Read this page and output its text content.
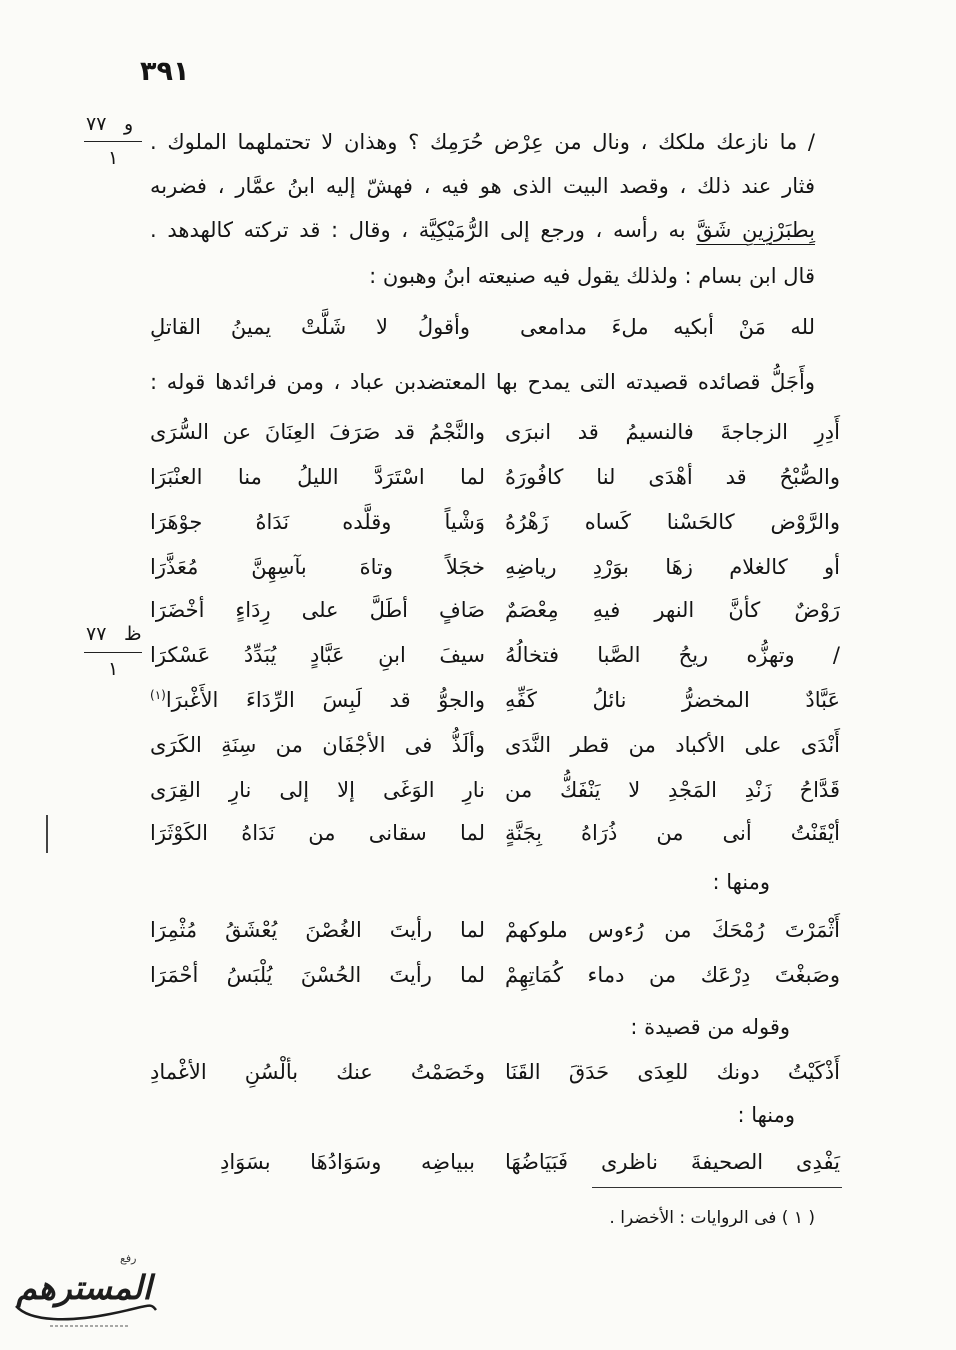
٣٩١
٧٧ و
١
٧٧ ظ
١
/ ما نازعك ملكك ، ونال من عِرْض حُرَمِك ؟ وهذان لا تحتملهما الملوك .
فثار عند ذلك ، وقصد البيت الذى هو فيه ، فهشّ إليه ابنُ عمَّار ، فضربه
بِطبَرْزِينِ شَقَّ به رأسه ، ورجع إلى الرُّمَيْكِيَّة ، وقال : قد تركته كالهدهد .
قال ابن بسام : ولذلك يقول فيه صنيعته ابنُ وهبون :
لله مَنْ أبكيه ملءَ مدامعى
وأقولُ لا شَلَّتْ يمينُ القاتلِ
وأَجَلُّ قصائده قصيدته التى يمدح بها المعتضدبن عباد ، ومن فرائدها قوله :
أَدِرِ الزجاجةَ فالنسيمُ قد انبرَى
والنَّجْمُ قد صَرَفَ العِنَانَ عن السُّرَى
والصُّبْحُ قد أهْدَى لنا كافُورَهُ
لما اسْتَرَدَّ الليلُ منا العنْبَرَا
والرَّوْض كالحَسْنا كَساه زَهْرُهُ
وَشْياً وقلَّده نَدَاهُ جوْهَرَا
أو كالغلام زهَا بوَرْدِ رياضِهِ
خجَلاً وتاهَ بآسِهِنَّ مُعَذَّرَا
رَوْضٌ كأنَّ النهر فيهِ مِعْصَمٌ
صَافٍ أطَلَّ على رِدَاءٍ أخْضَرَا
/ وتهزُّه ريحُ الصَّبا فتخالُهُ
سيفَ ابنِ عَبَّادٍ يُبَدِّدُ عَسْكرَا
عَبَّادٌ المخضرُّ نائلُ كَفِّهِ
والجوُّ قد لَبِسَ الرِّدَاءَ الأَغْبرَا$^{(١)}$
أَنْدَى على الأكباد من قطر النَّدَى
وألَذُّ فى الأجْفَان من سِنَةِ الكَرَى
قَدَّاحُ زَنْدِ المَجْدِ لا يَنْفَكُّ من
نارِ الوَغَى إلا إلى نارِ القِرَى
أيْقَنْتُ أنى من ذُرَاهُ بِجَنَّةٍ
لما سقانى من نَدَاهُ الكَوْثَرَا
ومنها :
أَثْمَرْتَ رُمْحَكَ من رُءوس ملوكهمْ
لما رأيتَ الغُصْنَ يُعْشَقُ مُثْمِرَا
وصَبغْتَ دِرْعَك من دماء كُمَاتِهِمْ
لما رأيتَ الحُسْنَ يُلْبَسُ أحْمَرَا
وقوله من قصيدة :
أَذْكَيْتُ دونك للعِدَى حَدَقَ القَنَا
وخَصَمْتُ عنك بألْسُنِ الأغْمادِ
ومنها :
يَفْدِى الصحيفةَ ناظرى فَبَيَاضُهَا
ببياضِه وسَوَادُهَا بسَوَادِ
( ١ ) فى الروايات : الأخضرا .
رفع
المسترهم
